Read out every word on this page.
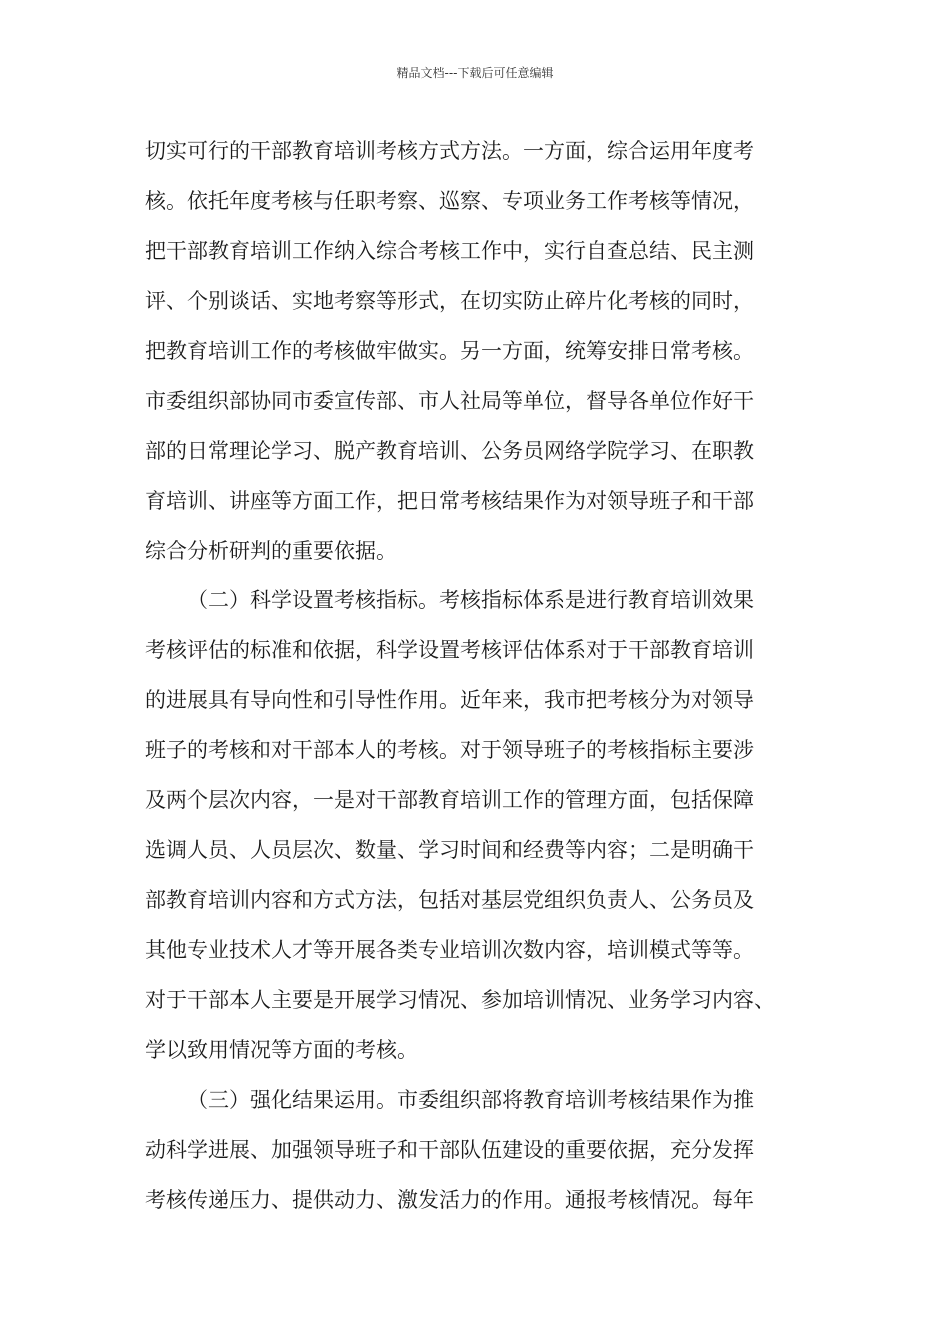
精品文档---下载后可任意编辑
切实可行的干部教育培训考核方式方法。一方面，综合运用年度考
核。依托年度考核与任职考察、巡察、专项业务工作考核等情况，
把干部教育培训工作纳入综合考核工作中，实行自查总结、民主测
评、个别谈话、实地考察等形式，在切实防止碎片化考核的同时，
把教育培训工作的考核做牢做实。另一方面，统筹安排日常考核。
市委组织部协同市委宣传部、市人社局等单位，督导各单位作好干
部的日常理论学习、脱产教育培训、公务员网络学院学习、在职教
育培训、讲座等方面工作，把日常考核结果作为对领导班子和干部
综合分析研判的重要依据。
（二）科学设置考核指标。考核指标体系是进行教育培训效果
考核评估的标准和依据，科学设置考核评估体系对于干部教育培训
的进展具有导向性和引导性作用。近年来，我市把考核分为对领导
班子的考核和对干部本人的考核。对于领导班子的考核指标主要涉
及两个层次内容，一是对干部教育培训工作的管理方面，包括保障
选调人员、人员层次、数量、学习时间和经费等内容；二是明确干
部教育培训内容和方式方法，包括对基层党组织负责人、公务员及
其他专业技术人才等开展各类专业培训次数内容，培训模式等等。
对于干部本人主要是开展学习情况、参加培训情况、业务学习内容、
学以致用情况等方面的考核。
（三）强化结果运用。市委组织部将教育培训考核结果作为推
动科学进展、加强领导班子和干部队伍建设的重要依据，充分发挥
考核传递压力、提供动力、激发活力的作用。通报考核情况。每年
